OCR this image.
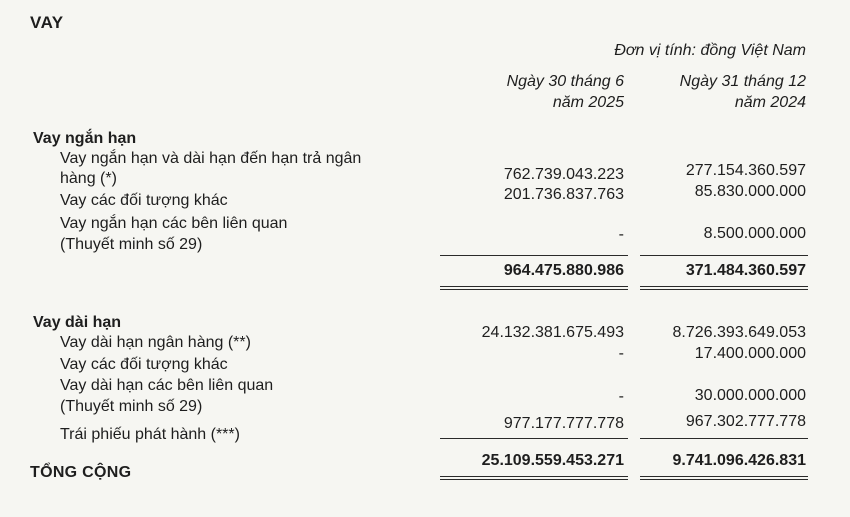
VAY
Đơn vị tính: đồng Việt Nam
Ngày 30 tháng 6
năm 2025
Ngày 31 tháng 12
năm 2024
Vay ngắn hạn
Vay ngắn hạn và dài hạn đến hạn trả ngân
hàng (*)	762.739.043.223	277.154.360.597
Vay các đối tượng khác	201.736.837.763	85.830.000.000
Vay ngắn hạn các bên liên quan
(Thuyết minh số 29)
-	8.500.000.000
964.475.880.986	371.484.360.597
Vay dài hạn
Vay dài hạn ngân hàng (**)
24.132.381.675.493	8.726.393.649.053
Vay các đối tượng khác
-	17.400.000.000
Vay dài hạn các bên liên quan
(Thuyết minh số 29)
-	30.000.000.000
Trái phiếu phát hành (***)
977.177.777.778	967.302.777.778
TỔNG CỘNG
25.109.559.453.271	9.741.096.426.831
